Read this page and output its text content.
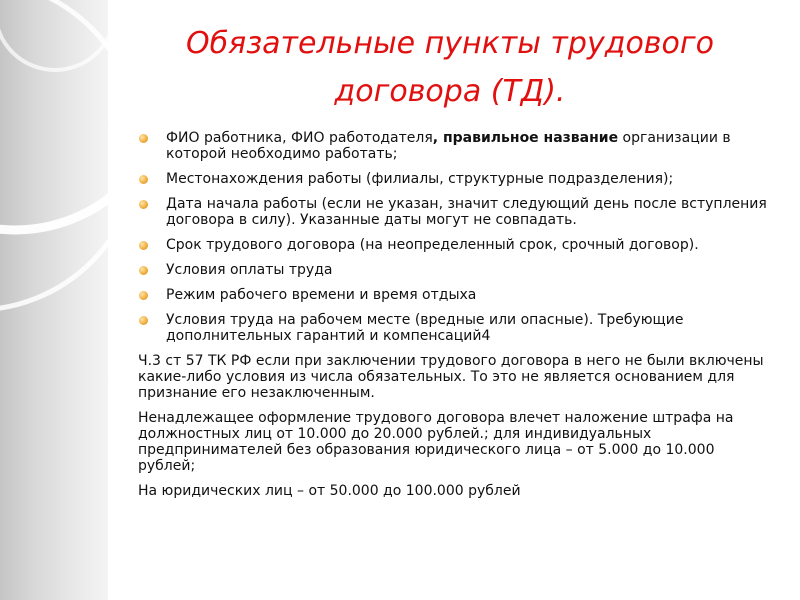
Обязательные пункты трудового договора (ТД).
ФИО работника, ФИО работодателя, правильное название организации в которой необходимо работать;
Местонахождения работы (филиалы, структурные подразделения);
Дата начала работы (если не указан, значит следующий день после вступления договора в силу). Указанные даты могут не совпадать.
Срок трудового договора (на неопределенный срок, срочный договор).
Условия оплаты труда
Режим рабочего времени и время отдыха
Условия труда на рабочем месте (вредные или опасные). Требующие дополнительных гарантий и компенсаций4

Ч.3 ст 57 ТК РФ если при заключении трудового договора в него не были включены какие-либо условия из числа обязательных. То это не является основанием для признание его незаключенным.

Ненадлежащее оформление трудового договора влечет наложение штрафа на должностных лиц от 10.000 до 20.000 рублей.; для индивидуальных предпринимателей без образования юридического лица – от 5.000 до 10.000 рублей;

На юридических лиц – от 50.000 до 100.000 рублей
